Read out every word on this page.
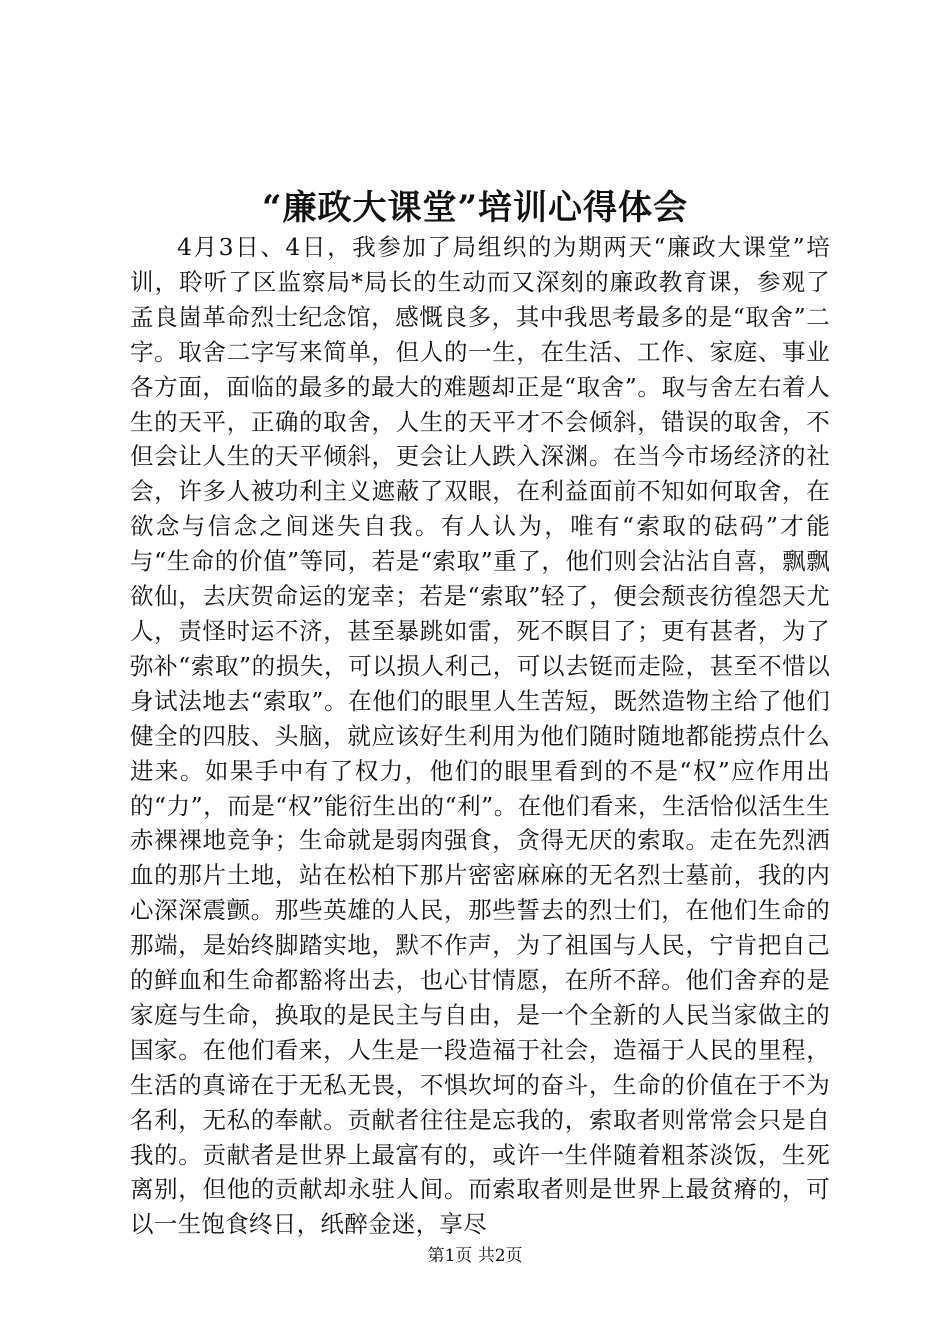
“廉政大课堂”培训心得体会

4月3日、4日，我参加了局组织的为期两天“廉政大课堂”培训，聆听了区监察局*局长的生动而又深刻的廉政教育课，参观了孟良崮革命烈士纪念馆，感慨良多，其中我思考最多的是“取舍”二字。取舍二字写来简单，但人的一生，在生活、工作、家庭、事业各方面，面临的最多的最大的难题却正是“取舍”。取与舍左右着人生的天平，正确的取舍，人生的天平才不会倾斜，错误的取舍，不但会让人生的天平倾斜，更会让人跌入深渊。在当今市场经济的社会，许多人被功利主义遮蔽了双眼，在利益面前不知如何取舍，在欲念与信念之间迷失自我。有人认为，唯有“索取的砝码”才能与“生命的价值”等同，若是“索取”重了，他们则会沾沾自喜，飘飘欲仙，去庆贺命运的宠幸；若是“索取”轻了，便会颓丧彷徨怨天尤人，责怪时运不济，甚至暴跳如雷，死不瞑目了；更有甚者，为了弥补“索取”的损失，可以损人利己，可以去铤而走险，甚至不惜以身试法地去“索取”。在他们的眼里人生苦短，既然造物主给了他们健全的四肢、头脑，就应该好生利用为他们随时随地都能捞点什么进来。如果手中有了权力，他们的眼里看到的不是“权”应作用出的“力”，而是“权”能衍生出的“利”。在他们看来，生活恰似活生生赤裸裸地竞争；生命就是弱肉强食，贪得无厌的索取。走在先烈洒血的那片土地，站在松柏下那片密密麻麻的无名烈士墓前，我的内心深深震颤。那些英雄的人民，那些誓去的烈士们，在他们生命的那端，是始终脚踏实地，默不作声，为了祖国与人民，宁肯把自己的鲜血和生命都豁将出去，也心甘情愿，在所不辞。他们舍弃的是家庭与生命，换取的是民主与自由，是一个全新的人民当家做主的国家。在他们看来，人生是一段造福于社会，造福于人民的里程，生活的真谛在于无私无畏，不惧坎坷的奋斗，生命的价值在于不为名利，无私的奉献。贡献者往往是忘我的，索取者则常常会只是自我的。贡献者是世界上最富有的，或许一生伴随着粗茶淡饭，生死离别，但他的贡献却永驻人间。而索取者则是世界上最贫瘠的，可以一生饱食终日，纸醉金迷，享尽

第1页 共2页
